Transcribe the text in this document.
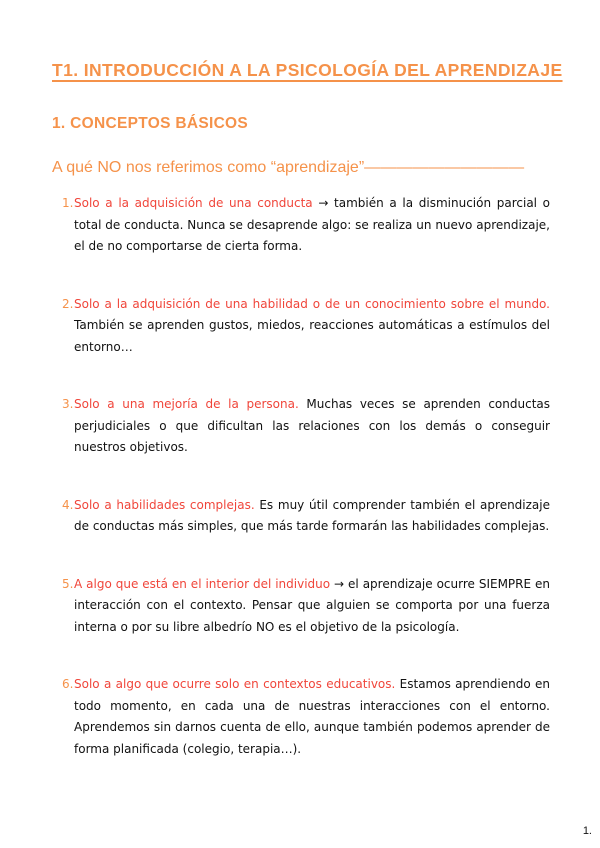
T1. INTRODUCCIÓN A LA PSICOLOGÍA DEL APRENDIZAJE
1. CONCEPTOS BÁSICOS
A qué NO nos referimos como “aprendizaje”——————————
1. Solo a la adquisición de una conducta → también a la disminución parcial o total de conducta. Nunca se desaprende algo: se realiza un nuevo aprendizaje, el de no comportarse de cierta forma.
2. Solo a la adquisición de una habilidad o de un conocimiento sobre el mundo. También se aprenden gustos, miedos, reacciones automáticas a estímulos del entorno…
3. Solo a una mejoría de la persona. Muchas veces se aprenden conductas perjudiciales o que dificultan las relaciones con los demás o conseguir nuestros objetivos.
4. Solo a habilidades complejas. Es muy útil comprender también el aprendizaje de conductas más simples, que más tarde formarán las habilidades complejas.
5. A algo que está en el interior del individuo → el aprendizaje ocurre SIEMPRE en interacción con el contexto. Pensar que alguien se comporta por una fuerza interna o por su libre albedrío NO es el objetivo de la psicología.
6. Solo a algo que ocurre solo en contextos educativos. Estamos aprendiendo en todo momento, en cada una de nuestras interacciones con el entorno. Aprendemos sin darnos cuenta de ello, aunque también podemos aprender de forma planificada (colegio, terapia…).
1.
